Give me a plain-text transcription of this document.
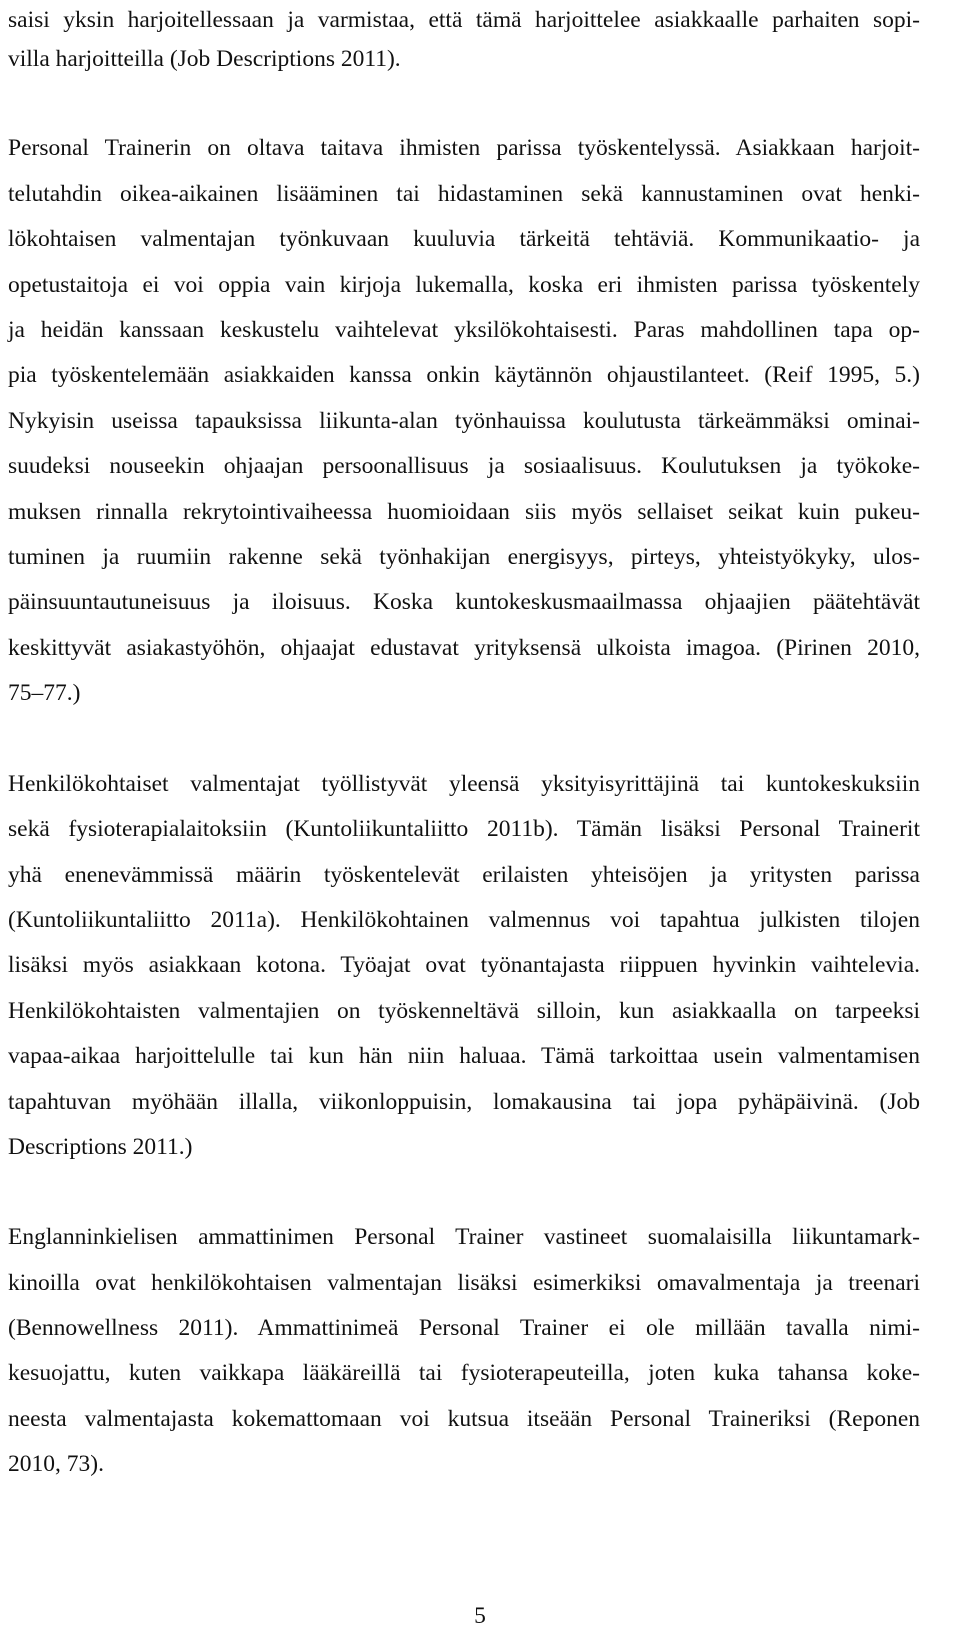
saisi yksin harjoitellessaan ja varmistaa, että tämä harjoittelee asiakkaalle parhaiten sopi-
villa harjoitteilla (Job Descriptions 2011).
Personal Trainerin on oltava taitava ihmisten parissa työskentelyssä. Asiakkaan harjoit-
telutahdin oikea-aikainen lisääminen tai hidastaminen sekä kannustaminen ovat henki-
lökohtaisen valmentajan työnkuvaan kuuluvia tärkeitä tehtäviä. Kommunikaatio- ja
opetustaitoja ei voi oppia vain kirjoja lukemalla, koska eri ihmisten parissa työskentely
ja heidän kanssaan keskustelu vaihtelevat yksilökohtaisesti. Paras mahdollinen tapa op-
pia työskentelemään asiakkaiden kanssa onkin käytännön ohjaustilanteet. (Reif 1995, 5.)
Nykyisin useissa tapauksissa liikunta-alan työnhauissa koulutusta tärkeämmäksi ominai-
suudeksi nouseekin ohjaajan persoonallisuus ja sosiaalisuus. Koulutuksen ja työkoke-
muksen rinnalla rekrytointivaiheessa huomioidaan siis myös sellaiset seikat kuin pukeu-
tuminen ja ruumiin rakenne sekä työnhakijan energisyys, pirteys, yhteistyökyky, ulos-
päinsuuntautuneisuus ja iloisuus. Koska kuntokeskusmaailmassa ohjaajien päätehtävät
keskittyvät asiakastyöhön, ohjaajat edustavat yrityksensä ulkoista imagoa. (Pirinen 2010,
75–77.)
Henkilökohtaiset valmentajat työllistyvät yleensä yksityisyrittäjinä tai kuntokeskuksiin
sekä fysioterapialaitoksiin (Kuntoliikuntaliitto 2011b). Tämän lisäksi Personal Trainerit
yhä enenevämmissä määrin työskentelevät erilaisten yhteisöjen ja yritysten parissa
(Kuntoliikuntaliitto 2011a). Henkilökohtainen valmennus voi tapahtua julkisten tilojen
lisäksi myös asiakkaan kotona. Työajat ovat työnantajasta riippuen hyvinkin vaihtelevia.
Henkilökohtaisten valmentajien on työskenneltävä silloin, kun asiakkaalla on tarpeeksi
vapaa-aikaa harjoittelulle tai kun hän niin haluaa. Tämä tarkoittaa usein valmentamisen
tapahtuvan myöhään illalla, viikonloppuisin, lomakausina tai jopa pyhäpäivinä. (Job
Descriptions 2011.)
Englanninkielisen ammattinimen Personal Trainer vastineet suomalaisilla liikuntamark-
kinoilla ovat henkilökohtaisen valmentajan lisäksi esimerkiksi omavalmentaja ja treenari
(Bennowellness 2011). Ammattinimeä Personal Trainer ei ole millään tavalla nimi-
kesuojattu, kuten vaikkapa lääkäreillä tai fysioterapeuteilla, joten kuka tahansa koke-
neesta valmentajasta kokemattomaan voi kutsua itseään Personal Traineriksi (Reponen
2010, 73).
5
